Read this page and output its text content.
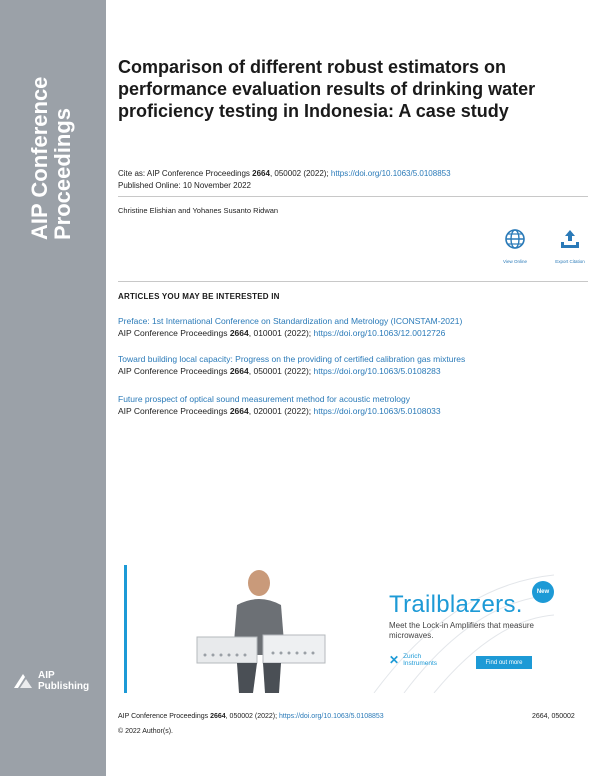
AIP Conference
Proceedings
AIP
Publishing
Comparison of different robust estimators on performance evaluation results of drinking water proficiency testing in Indonesia: A case study
Cite as: AIP Conference Proceedings 2664, 050002 (2022); https://doi.org/10.1063/5.0108853
Published Online: 10 November 2022
Christine Elishian and Yohanes Susanto Ridwan
View Online	Export Citation
ARTICLES YOU MAY BE INTERESTED IN
Preface: 1st International Conference on Standardization and Metrology (ICONSTAM-2021)
AIP Conference Proceedings 2664, 010001 (2022); https://doi.org/10.1063/12.0012726
Toward building local capacity: Progress on the providing of certified calibration gas mixtures
AIP Conference Proceedings 2664, 050001 (2022); https://doi.org/10.1063/5.0108283
Future prospect of optical sound measurement method for acoustic metrology
AIP Conference Proceedings 2664, 020001 (2022); https://doi.org/10.1063/5.0108033
New
Trailblazers.
Meet the Lock-in Amplifiers that measure microwaves.
✕ Zurich
Instruments	Find out more
AIP Conference Proceedings 2664, 050002 (2022); https://doi.org/10.1063/5.0108853	2664, 050002
© 2022 Author(s).
